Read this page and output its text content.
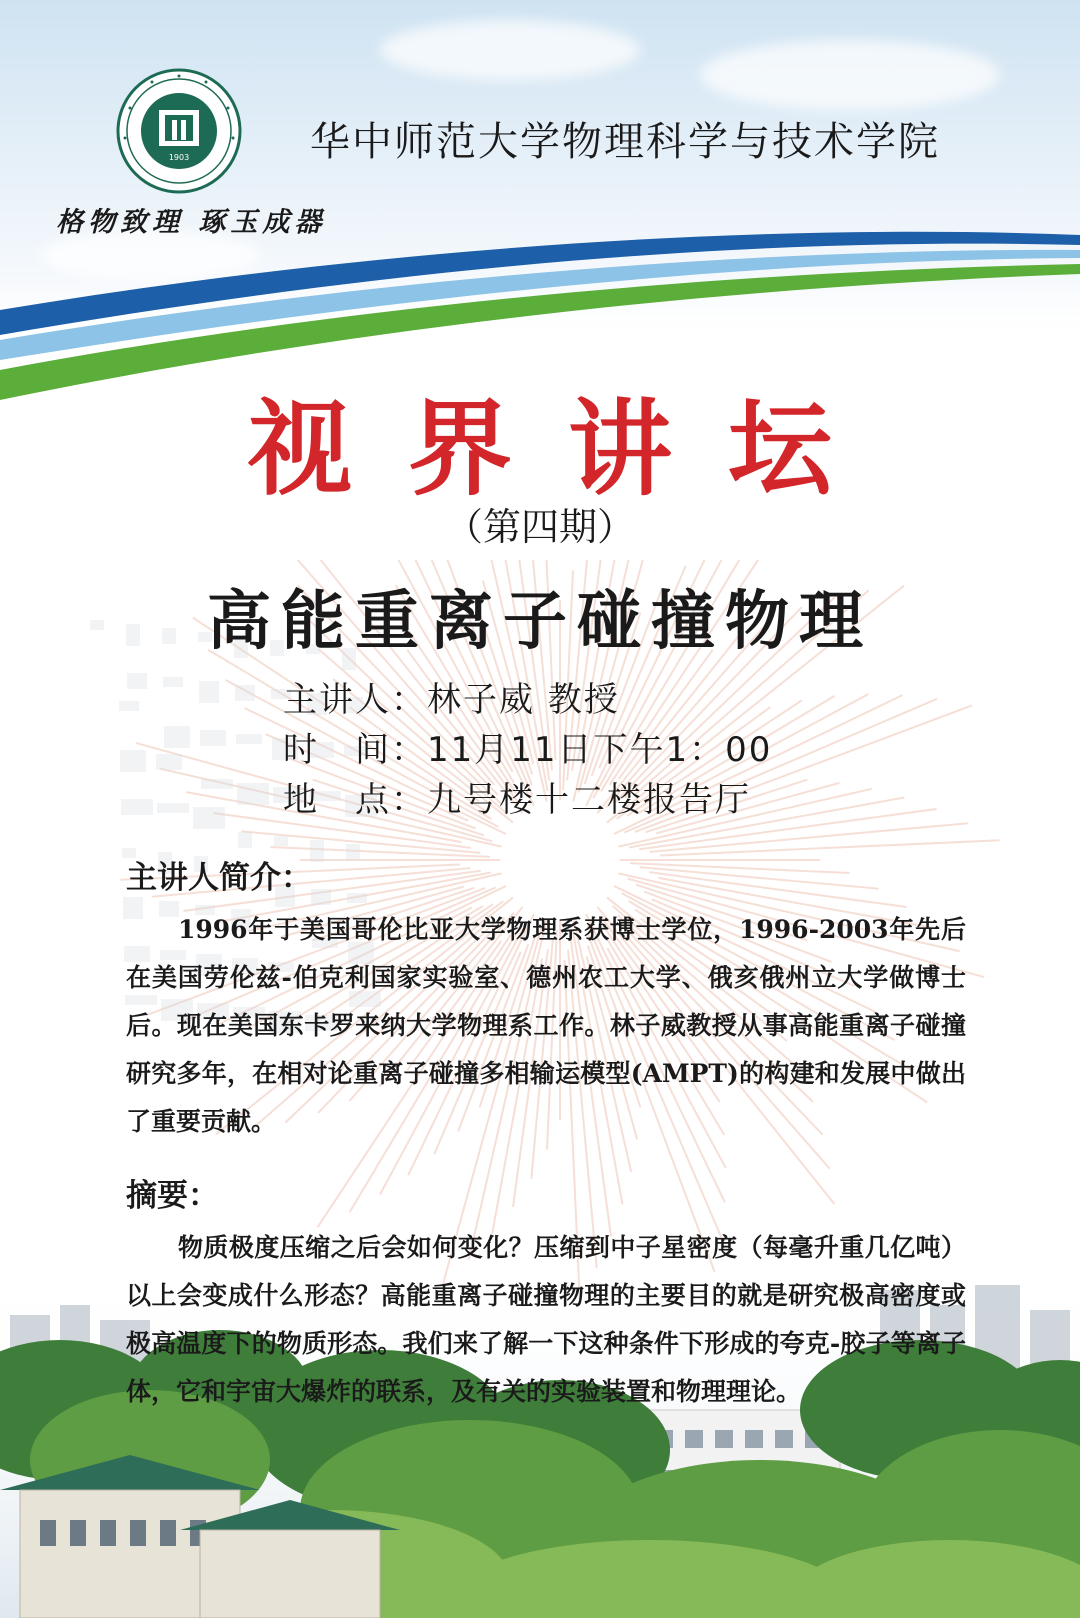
1903
格物致理 琢玉成器
华中师范大学物理科学与技术学院
视界讲坛
（第四期）
高能重离子碰撞物理
主讲人：林子威 教授
时　间：11月11日下午1：00
地　点：九号楼十二楼报告厅
主讲人简介：
1996年于美国哥伦比亚大学物理系获博士学位，1996-2003年先后在美国劳伦兹-伯克利国家实验室、德州农工大学、俄亥俄州立大学做博士后。现在美国东卡罗来纳大学物理系工作。林子威教授从事高能重离子碰撞研究多年，在相对论重离子碰撞多相输运模型(AMPT)的构建和发展中做出了重要贡献。
摘要：
物质极度压缩之后会如何变化？压缩到中子星密度（每毫升重几亿吨）以上会变成什么形态？高能重离子碰撞物理的主要目的就是研究极高密度或极高温度下的物质形态。我们来了解一下这种条件下形成的夸克-胶子等离子体，它和宇宙大爆炸的联系，及有关的实验装置和物理理论。
